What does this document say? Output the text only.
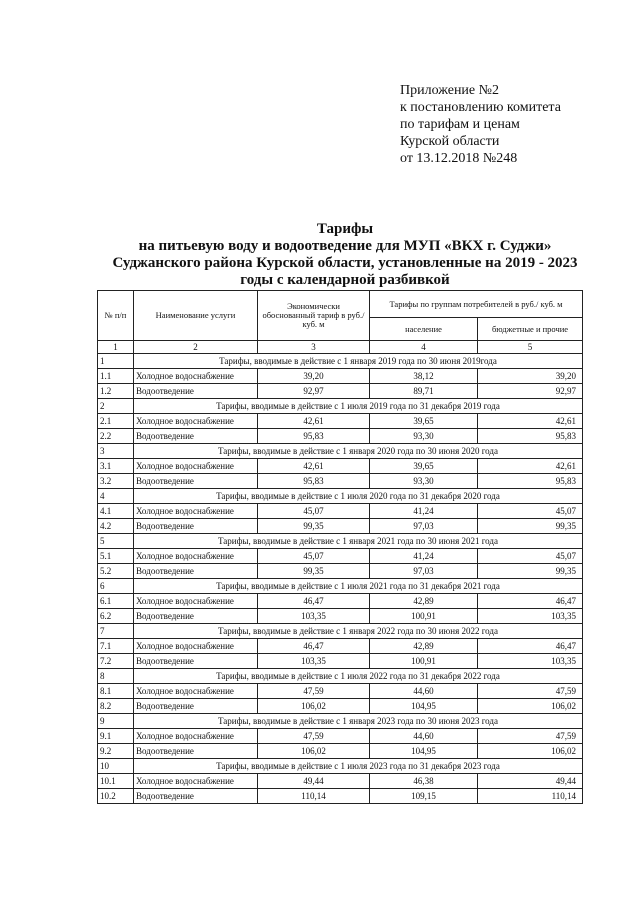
Приложение №2
к постановлению комитета
по тарифам и ценам
Курской области
от 13.12.2018 №248
Тарифы
на питьевую воду и водоотведение для МУП «ВКХ г. Суджи»
Суджанского района Курской области, установленные на 2019 - 2023
годы с календарной разбивкой
№ п/п	Наименование услуги	Экономически обоснованный тариф в руб./ куб. м	Тарифы по группам потребителей в руб./ куб. м	
			население	бюджетные и прочие
1	2	3	4	5
1	Тарифы, вводимые в действие с 1 января 2019 года по 30 июня 2019года			
1.1	Холодное водоснабжение	39,20	38,12	39,20
1.2	Водоотведение	92,97	89,71	92,97
2	Тарифы, вводимые в действие с 1 июля 2019 года по 31 декабря 2019 года			
2.1	Холодное водоснабжение	42,61	39,65	42,61
2.2	Водоотведение	95,83	93,30	95,83
3	Тарифы, вводимые в действие с 1 января 2020 года по 30 июня 2020 года			
3.1	Холодное водоснабжение	42,61	39,65	42,61
3.2	Водоотведение	95,83	93,30	95,83
4	Тарифы, вводимые в действие с 1 июля 2020 года по 31 декабря 2020 года			
4.1	Холодное водоснабжение	45,07	41,24	45,07
4.2	Водоотведение	99,35	97,03	99,35
5	Тарифы, вводимые в действие с 1 января 2021 года по 30 июня 2021 года			
5.1	Холодное водоснабжение	45,07	41,24	45,07
5.2	Водоотведение	99,35	97,03	99,35
6	Тарифы, вводимые в действие с 1 июля 2021 года по 31 декабря 2021 года			
6.1	Холодное водоснабжение	46,47	42,89	46,47
6.2	Водоотведение	103,35	100,91	103,35
7	Тарифы, вводимые в действие с 1 января 2022 года по 30 июня 2022 года			
7.1	Холодное водоснабжение	46,47	42,89	46,47
7.2	Водоотведение	103,35	100,91	103,35
8	Тарифы, вводимые в действие с 1 июля 2022 года по 31 декабря 2022 года			
8.1	Холодное водоснабжение	47,59	44,60	47,59
8.2	Водоотведение	106,02	104,95	106,02
9	Тарифы, вводимые в действие с 1 января 2023 года по 30 июня 2023 года			
9.1	Холодное водоснабжение	47,59	44,60	47,59
9.2	Водоотведение	106,02	104,95	106,02
10	Тарифы, вводимые в действие с 1 июля 2023 года по 31 декабря 2023 года			
10.1	Холодное водоснабжение	49,44	46,38	49,44
10.2	Водоотведение	110,14	109,15	110,14
